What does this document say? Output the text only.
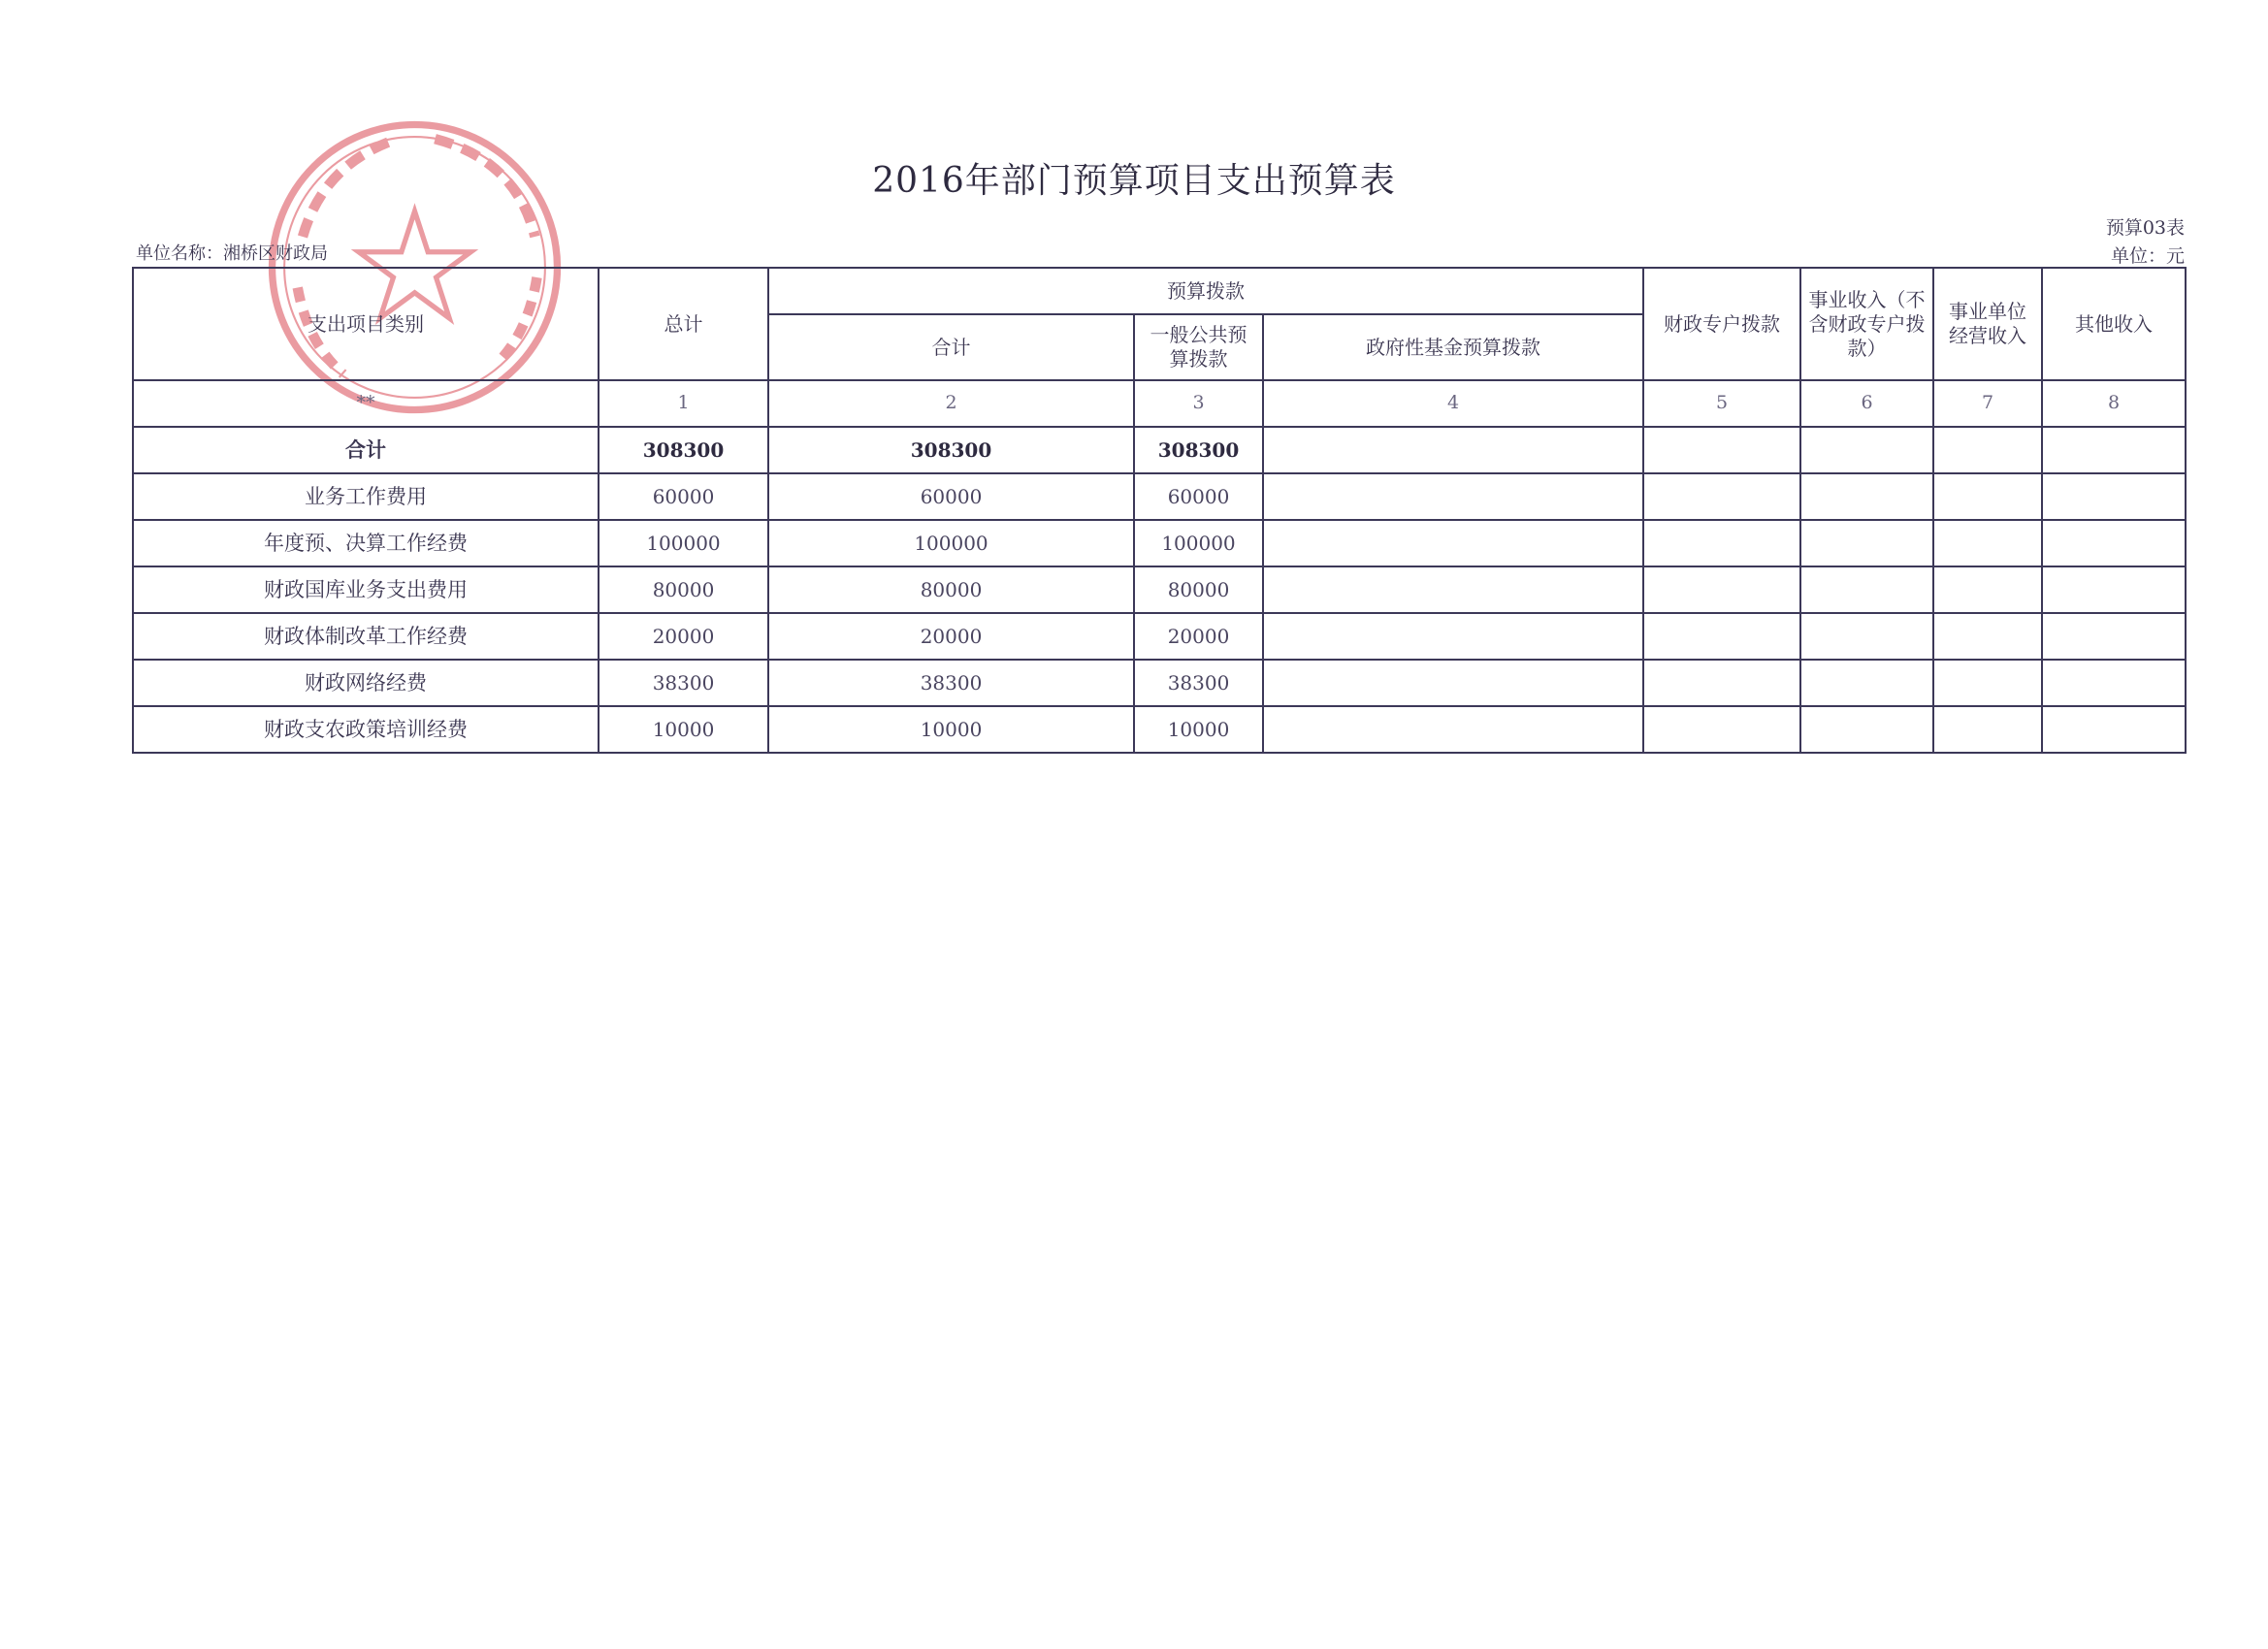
2016年部门预算项目支出预算表
单位名称：湘桥区财政局
预算03表
单位：元
支出项目类别	总计	预算拨款			财政专户拨款	事业收入（不含财政专户拨款）	事业单位经营收入	其他收入
		合计	一般公共预算拨款	政府性基金预算拨款				
**	1	2	3	4	5	6	7	8
合计	308300	308300	308300					
业务工作费用	60000	60000	60000					
年度预、决算工作经费	100000	100000	100000					
财政国库业务支出费用	80000	80000	80000					
财政体制改革工作经费	20000	20000	20000					
财政网络经费	38300	38300	38300					
财政支农政策培训经费	10000	10000	10000					
